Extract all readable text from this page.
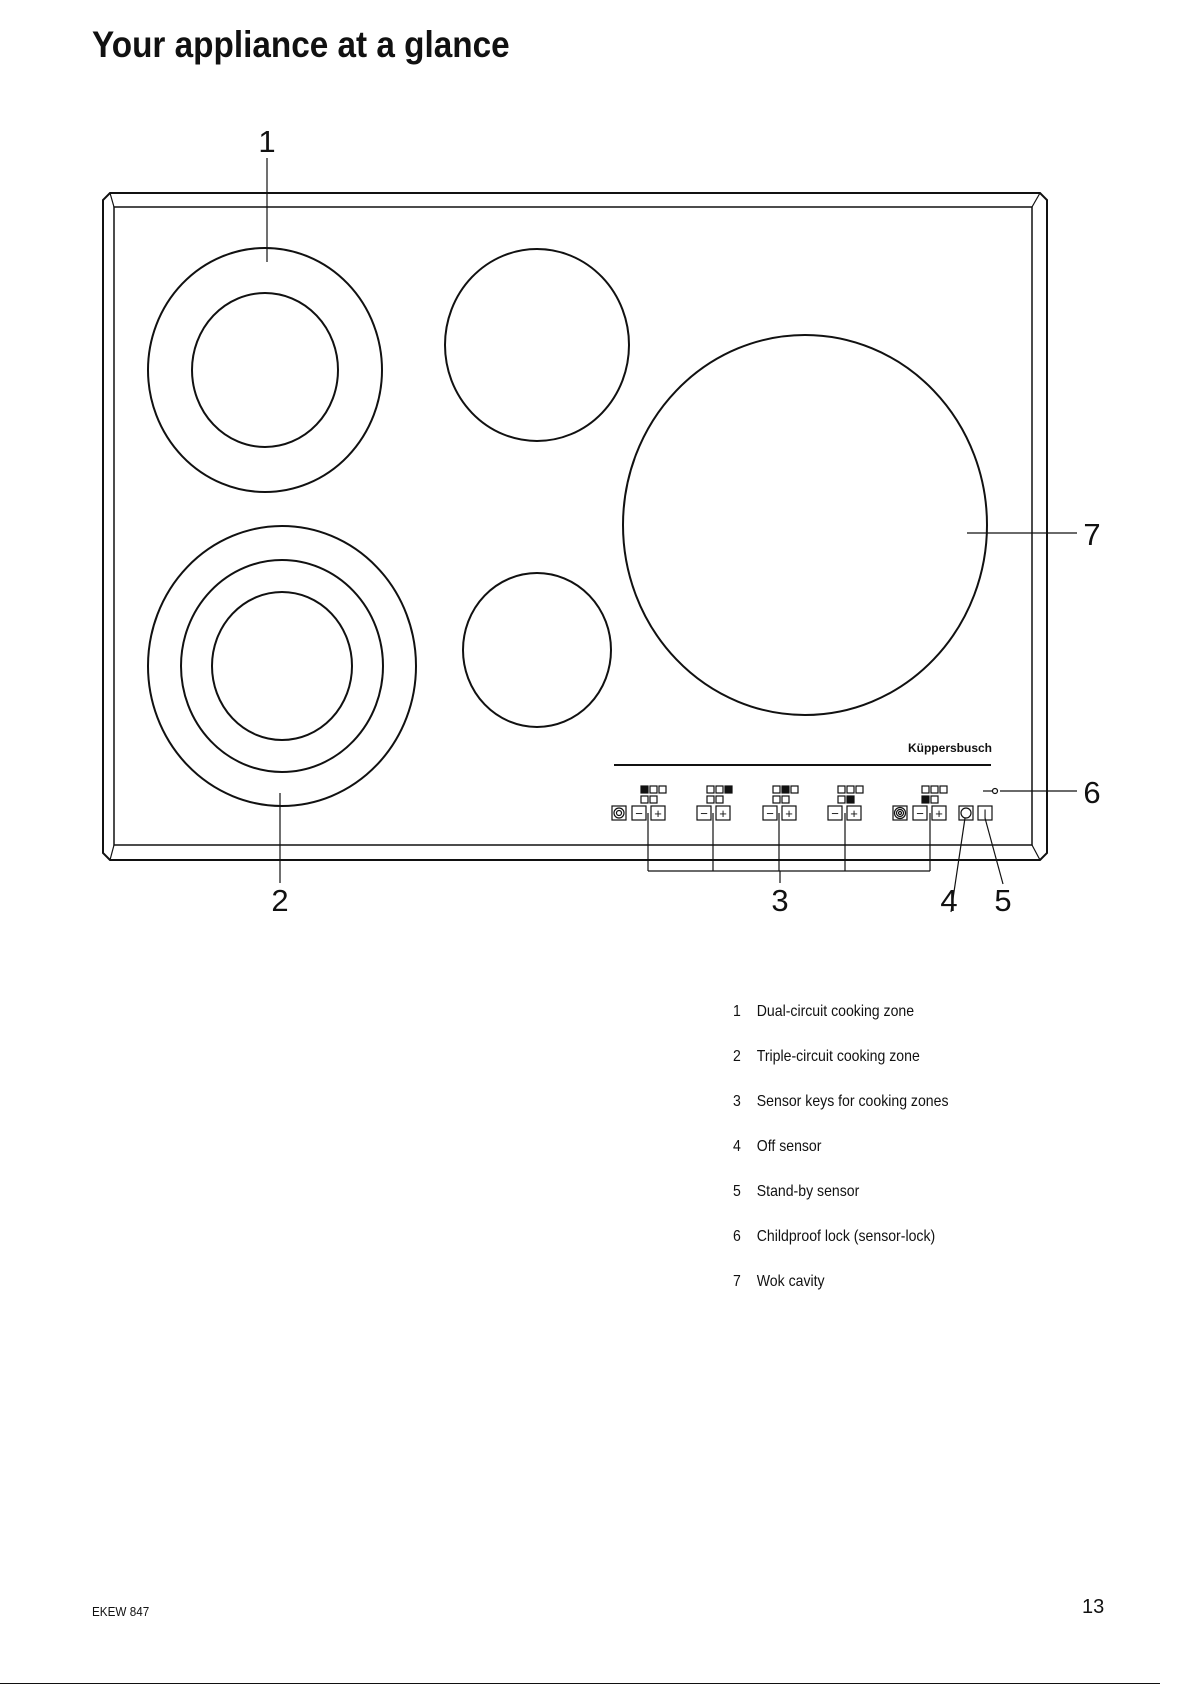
Your appliance at a glance
Küppersbusch
− +	− +	− +	− +	− +	I
1
2	3	4 5
6
7
1 Dual-circuit cooking zone
2 Triple-circuit cooking zone
3 Sensor keys for cooking zones
4 Off sensor
5 Stand-by sensor
6 Childproof lock (sensor-lock)
7 Wok cavity
EKEW 847	13
